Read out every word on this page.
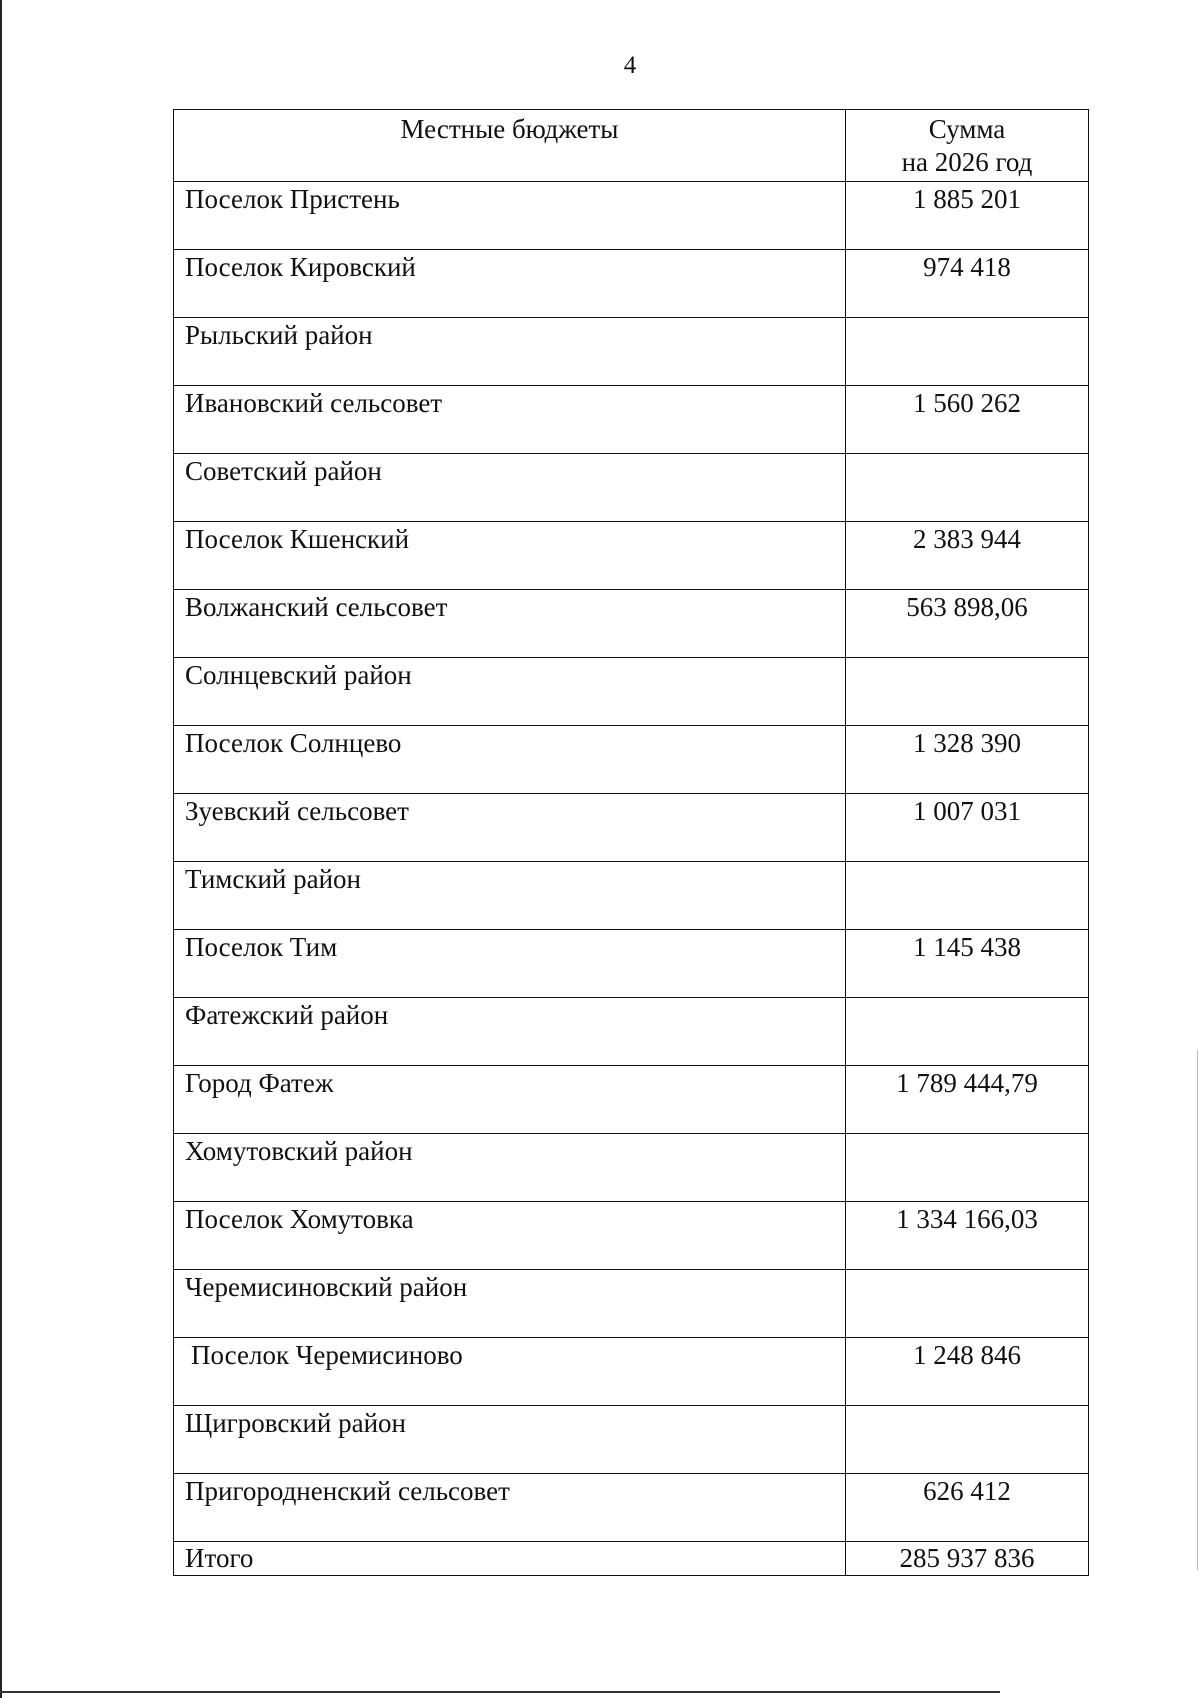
4
Местные бюджеты	Сумма
на 2026 год

Поселок Пристень	1 885 201
Поселок Кировский	974 418
Рыльский район	
Ивановский сельсовет	1 560 262
Советский район	
Поселок Кшенский	2 383 944
Волжанский сельсовет	563 898,06
Солнцевский район	
Поселок Солнцево	1 328 390
Зуевский сельсовет	1 007 031
Тимский район	
Поселок Тим	1 145 438
Фатежский район	
Город Фатеж	1 789 444,79
Хомутовский район	
Поселок Хомутовка	1 334 166,03
Черемисиновский район	
Поселок Черемисиново	1 248 846
Щигровский район	
Пригородненский сельсовет	626 412
Итого	285 937 836
